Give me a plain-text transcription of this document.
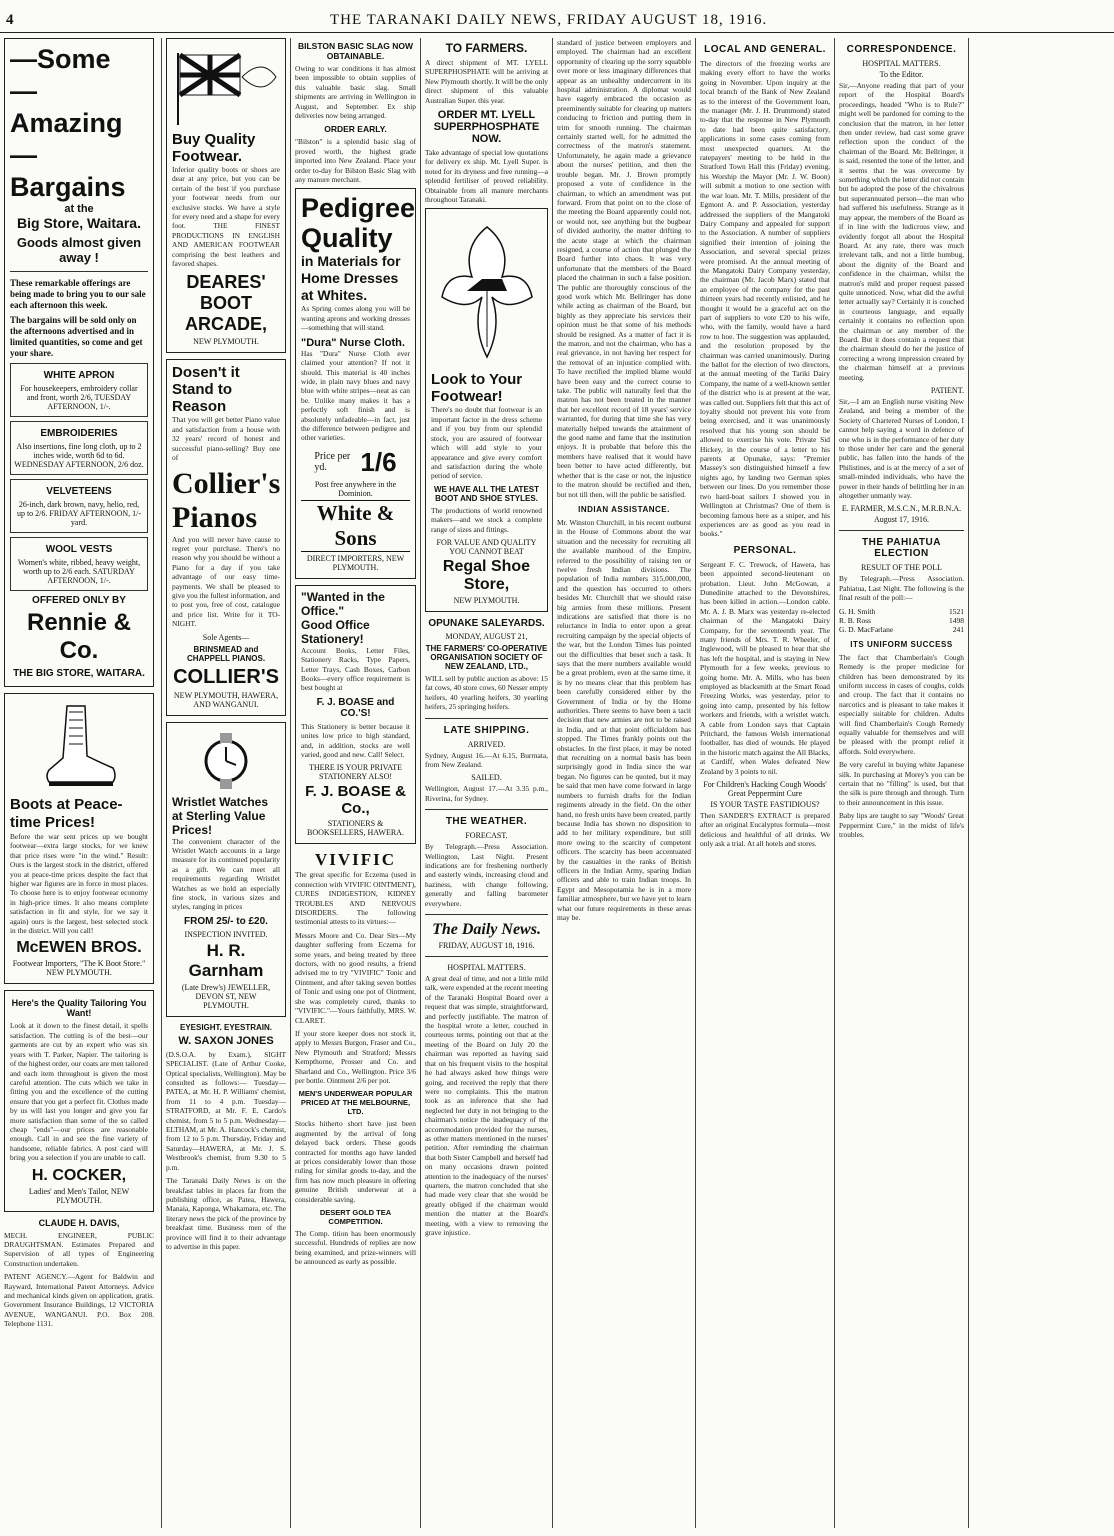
4	THE TARANAKI DAILY NEWS, FRIDAY AUGUST 18, 1916.
—Some
—Amazing
—Bargains
at the
Big Store, Waitara.
Goods almost given away !
These remarkable offerings are being made to bring you to our sale each afternoon this week.
The bargains will be sold only on the afternoons advertised and in limited quantities, so come and get your share.
WHITE APRON
For housekeepers, embroidery collar and front, worth 2/6, TUESDAY AFTERNOON, 1/-.
EMBROIDERIES
Also insertions, fine long cloth, up to 2 inches wide, worth 6d to 6d. WEDNESDAY AFTERNOON, 2/6 doz.
VELVETEENS
26-inch, dark brown, navy, helio, red, up to 2/6. FRIDAY AFTERNOON, 1/- yard.
WOOL VESTS
Women's white, ribbed, heavy weight, worth up to 2/6 each. SATURDAY AFTERNOON, 1/-.
OFFERED ONLY BY
Rennie & Co.
THE BIG STORE, WAITARA.
Boots at Peace-time Prices!
Before the war sent prices up we bought footwear—extra large stocks, for we knew that price rises were "in the wind." Result: Ours is the largest stock in the district, offered you at peace-time prices despite the fact that higher war figures are in force in most places. To choose here is to enjoy footwear economy in high-price times. It also means complete satisfaction in fit and style, for we say it again) ours is the largest, best selected stock in the district. Will you call!
McEWEN BROS.
Footwear Importers, "The K Boot Store." NEW PLYMOUTH.
Here's the Quality Tailoring You Want!
Look at it down to the finest detail, it spells satisfaction. The cutting is of the best—our garments are cut by an expert who was six years with T. Parker, Napier. The tailoring is of the highest order, our coats are men tailored and each item throughout is given the most careful attention. The cuts which we take in fitting you and the excellence of the cutting ensure that you get a perfect fit. Clothes made by us will last you longer and give you far more satisfaction than some of the so called cheap "ends"—our prices are reasonable enough. Call in and see the fine variety of handsome, reliable fabrics. A post card will bring you a selection if you are unable to call.
H. COCKER,
Ladies' and Men's Tailor, NEW PLYMOUTH.
CLAUDE H. DAVIS,
MECH. ENGINEER, PUBLIC DRAUGHTSMAN. Estimates Prepared and Supervision of all types of Engineering Construction undertaken.
PATENT AGENCY.—Agent for Baldwin and Rayward, International Patent Attorneys. Advice and mechanical kinds given on application, gratis. Government Insurance Buildings, 12 VICTORIA AVENUE, WANGANUI. P.O. Box 208. Telephone 1131.
Buy Quality Footwear.
Inferior quality boots or shoes are dear at any price, but you can be certain of the best if you purchase your footwear needs from our exclusive stocks. We have a style for every need and a shape for every foot. THE FINEST PRODUCTIONS IN ENGLISH AND AMERICAN FOOTWEAR comprising the best leathers and favored shapes.
DEARES' BOOT ARCADE,
NEW PLYMOUTH.
Dosen't it Stand to Reason
That you will get better Piano value and satisfaction from a house with 32 years' record of honest and successful piano-selling? Buy one of
Collier's Pianos
And you will never have cause to regret your purchase. There's no reason why you should be without a Piano for a day if you take advantage of our easy time-payments. We shall be pleased to give you the fullest information, and to post you, free of cost, catalogue and price list. Write for it TO-NIGHT.
Sole Agents—
BRINSMEAD and CHAPPELL PIANOS.
COLLIER'S
NEW PLYMOUTH, HAWERA, AND WANGANUI.
Wristlet Watches at Sterling Value Prices!
The convenient character of the Wristlet Watch accounts in a large measure for its continued popularity as a gift. We can meet all requirements regarding Wristlet Watches as we hold an especially fine stock, in various sizes and styles, ranging in prices
FROM 25/- to £20.
INSPECTION INVITED.
H. R. Garnham
(Late Drew's) JEWELLER, DEVON ST, NEW PLYMOUTH.
EYESIGHT. EYESTRAIN.
W. SAXON JONES
(D.S.O.A. by Exam.), SIGHT SPECIALIST. (Late of Arthur Cooke, Optical specialists, Wellington). May be consulted as follows:— Tuesday—PATEA, at Mr. H. P. Williams' chemist, from 11 to 4 p.m. Tuesday—STRATFORD, at Mr. F. E. Cardo's chemist, from 5 to 5 p.m. Wednesday—ELTHAM, at Mr. A. Hancock's chemist, from 12 to 5 p.m. Thursday, Friday and Saturday—HAWERA, at Mr. J. S. Westbrook's chemist, from 9.30 to 5 p.m.
The Taranaki Daily News is on the breakfast tables in places far from the publishing office, as Patea, Hawera, Manaia, Kaponga, Whakamara, etc. The literary news the pick of the province by breakfast time. Business men of the province will find it to their advantage to advertise in this paper.
BILSTON BASIC SLAG NOW OBTAINABLE.
Owing to war conditions it has almost been impossible to obtain supplies of this valuable basic slag. Small shipments are arriving in Wellington in August, and September. Ex ship deliveries now being arranged.
ORDER EARLY.
"Bilston" is a splendid basic slag of proved worth, the highest grade imported into New Zealand. Place your order to-day for Bilston Basic Slag with any manure merchant.
Pedigree
Quality
in Materials for Home Dresses at Whites.
As Spring comes along you will be wanting aprons and working dresses—something that will stand.
"Dura" Nurse Cloth.
Has "Dura" Nurse Cloth ever claimed your attention? If not it should. This material is 40 inches wide, in plain navy blues and navy blue with white stripes—neat as can be. Unlike many makes it has a perfectly soft finish and is absolutely unfadeable—in fact, just the difference between pedigree and other varieties.
Price per yd.	1/6
Post free anywhere in the Dominion.
White & Sons
DIRECT IMPORTERS, NEW PLYMOUTH.
"Wanted in the Office."
Good Office Stationery!
Account Books, Letter Files, Stationery Racks, Type Papers, Letter Trays, Cash Boxes, Carbon Books—every office requirement is best bought at
F. J. BOASE and CO.'S!
This Stationery is better because it unites low price to high standard, and, in addition, stocks are well varied, good and new. Call! Select.
THERE IS YOUR PRIVATE STATIONERY ALSO!
F. J. BOASE & Co.,
STATIONERS & BOOKSELLERS, HAWERA.
VIVIFIC
The great specific for Eczema (used in connection with VIVIFIC OINTMENT), CURES INDIGESTION, KIDNEY TROUBLES AND NERVOUS DISORDERS. The following testimonial attests to its virtues:—
Messrs Moore and Co. Dear Sirs—My daughter suffering from Eczema for some years, and being treated by three doctors, with no good results, a friend advised me to try "VIVIFIC" Tonic and Ointment, and after taking seven bottles of Tonic and using one pot of Ointment, she was completely cured, thanks to "VIVIFIC."—Yours faithfully, MRS. W. CLARET.
If your store keeper does not stock it, apply to Messrs Burgon, Fraser and Co., New Plymouth and Stratford; Messrs Kempthorne, Prosser and Co. and Sharland and Co., Wellington. Price 3/6 per bottle. Ointment 2/6 per pot.
MEN'S UNDERWEAR POPULAR PRICED AT THE MELBOURNE, LTD.
Stocks hitherto short have just been augmented by the arrival of long delayed back orders. These goods contracted for months ago have landed at prices considerably lower than those ruling for similar goods to-day, and the firm has now much pleasure in offering genuine British underwear at a considerable saving.
DESERT GOLD TEA COMPETITION.
The Comp. tition has been enormously successful. Hundreds of replies are now being examined, and prize-winners will be announced as early as possible.
TO FARMERS.
A direct shipment of MT. LYELL SUPERPHOSPHATE will be arriving at New Plymouth shortly. It will be the only direct shipment of this valuable Australian Super. this year.
ORDER MT. LYELL SUPERPHOSPHATE NOW.
Take advantage of special low quotations for delivery ex ship. Mt. Lyell Super. is noted for its dryness and free running—a splendid fertiliser of proved reliability. Obtainable from all manure merchants throughout Taranaki.
Look to Your Footwear!
There's no doubt that footwear is an important factor in the dress scheme and if you buy from our splendid stock, you are assured of footwear which will add style to your appearance and give every comfort and satisfaction during the whole period of service.
WE HAVE ALL THE LATEST BOOT AND SHOE STYLES.
The productions of world renowned makers—and we stock a complete range of sizes and fittings.
FOR VALUE AND QUALITY YOU CANNOT BEAT
Regal Shoe Store,
NEW PLYMOUTH.
OPUNAKE SALEYARDS.
MONDAY, AUGUST 21,
THE FARMERS' CO-OPERATIVE ORGANISATION SOCIETY OF NEW ZEALAND, LTD.,
WILL sell by public auction as above: 15 fat cows, 40 store cows, 60 Nesser empty heifers, 40 yearling heifers, 30 yearling heifers, 25 springing heifers.
LATE SHIPPING.
ARRIVED.
Sydney, August 16.—At 6.15, Burrnata, from New Zealand.
SAILED.
Wellington, August 17.—At 3.35 p.m., Riverina, for Sydney.
THE WEATHER.
FORECAST.
By Telegraph.—Press Association. Wellington, Last Night. Present indications are for freshening northerly and easterly winds, increasing cloud and haziness, with change following, generally and falling barometer everywhere.
The Daily News.
FRIDAY, AUGUST 18, 1916.
HOSPITAL MATTERS.
A great deal of time, and not a little mild talk, were expended at the recent meeting of the Taranaki Hospital Board over a request that was simple, straightforward, and perfectly justifiable. The matron of the hospital wrote a letter, couched in courteous terms, pointing out that at the meeting of the Board on July 20 the chairman was reported as having said that on his frequent visits to the hospital he had always asked how things were going, and received the reply that there were no complaints. This the matron took as an inference that she had neglected her duty in not bringing to the chairman's notice the inadequacy of the accommodation provided for the nurses, as other matters mentioned in the nurses' petition. After reminding the chairman that both Sister Campbell and herself had on many occasions drawn pointed attention to the inadequacy of the nurses' quarters, the matron concluded that she had made very clear that she would be greatly obliged if the chairman would mention the matter at the Board's meeting, with a view to removing the grave injustice.
standard of justice between employers and employed. The chairman had an excellent opportunity of clearing up the sorry squabble over more or less imaginary differences that appear as an unhealthy undercurrent in its hospital administration. A diplomat would have eagerly embraced the occasion as preeminently suitable for clearing up matters conducing to friction and putting them in trim for smooth running. The chairman certainly started well, for he admitted the correctness of the matron's statement. Unfortunately, he again made a grievance about the nurses' petition, and then the trouble began. Mr. J. Brown promptly proposed a vote of confidence in the chairman, to which an amendment was put forward. From that point on to the close of the meeting the Board apparently could not, or would not, see anything but the bugbear of divided authority, the matter drifting to the acute stage at which the chairman resigned, a course of action that plunged the Board further into chaos. It was very unfortunate that the members of the Board placed the chairman in such a false position. The public are thoroughly conscious of the good work which Mr. Bellringer has done while acting as chairman of the Board, but highly as they appreciate his services their opinion must be that some of his methods should be resigned. As a matter of fact it is the matron, and not the chairman, who has a real grievance, in not having her respect for the removal of an injustice complied with. To have rectified the implied blame would have been easy and the correct course to take. The public will naturally feel that the matron has not been treated in the manner that her excellent record of 18 years' service warranted, for during that time she has very materially helped towards the attainment of the good name and fame that the institution enjoys. It is probable that before this the members have realised that it would have been better to have acted differently, but whether that is the case or not, the injustice to the matron should be rectified and then, but not till then, will the public be satisfied.
INDIAN ASSISTANCE.
Mr. Winston Churchill, in his recent outburst in the House of Commons about the war situation and the necessity for recruiting all the available manhood of the Empire, referred to the possibility of raising ten or twelve fresh Indian divisions. The population of India numbers 315,000,000, and the question has occurred to others besides Mr. Churchill that we should raise big armies from these millions. Present indications are satisfied that there is no reluctance in India to enter upon a great recruiting campaign by the special objects of the war, but the London Times has pointed out the difficulties that beset such a task. It says that the mere numbers available would be a great problem, even at the same time, it is by no means clear that this problem has been carefully considered either by the Government of India or by the Home authorities. There seems to have been a tacit decision that new armies are not to be raised in India, and at that point officialdom has stopped. The Times frankly points out the obstacles. In the first place, it may be noted that recruiting on a normal basis has been surprisingly good in India since the war began. No figures can be quoted, but it may be said that men have come forward in large numbers to furnish drafts for the Indian regiments already in the field. On the other hand, no fresh units have been created, partly because India has shown no disposition to add to her military expenditure, but still more owing to the scarcity of competent officers. The scarcity has been accentuated by the casualties in the ranks of British officers in the Indian Army, sparing Indian officers and able to train Indian troops. In Egypt and Mesopotamia he is in a more familiar atmosphere, but we have yet to learn what our future requirements in these areas may be.
LOCAL AND GENERAL.
The directors of the freezing works are making every effort to have the works going in November. Upon inquiry at the local branch of the Bank of New Zealand as to the interest of the Government loan, the manager (Mr. J. H. Drummond) stated to-day that the response in New Plymouth to date had been quite satisfactory, applications in some cases coming from most unexpected quarters. At the ratepayers' meeting to be held in the Stratford Town Hall this (Friday) evening, his Worship the Mayor (Mr. J. W. Boon) will submit a motion to one section with the war loan. Mr. T. Mills, president of the Egmont A. and P. Association, yesterday addressed the suppliers of the Mangatoki Dairy Company and appealed for support to the Association. A number of suppliers signified their intention of joining the Association, and several special prizes were promised. At the annual meeting of the Mangatoki Dairy Company yesterday, the chairman (Mr. Jacob Marx) stated that an employee of the company for the past thirteen years had recently enlisted, and he thought it would be a graceful act on the part of suppliers to vote £20 to his wife, who, with the family, would have a hard row to hoe. The suggestion was applauded, and the resolution proposed by the chairman was carried unanimously. During the ballot for the election of two directors, at the annual meeting of the Tariki Dairy Company, the name of a well-known settler of the district who is at present at the war, was called out. Suppliers felt that this act of loyalty should not prevent his vote from being exercised, and it was unanimously resolved that his young son should be allowed to exercise his vote. Private Sid Hickey, in the course of a letter to his parents at Opunake, says: "Premier Massey's son distinguished himself a few nights ago, by landing two German spies between our lines. Do you remember those two hard-boat sailors I showed you in Wellington at Christmas? One of them is becoming famous here as a sniper, and his experiences are as good as you read in books."
PERSONAL.
Sergeant F. C. Trewock, of Hawera, has been appointed second-lieutenant on probation. Lieut. John McGowan, a Dunedinite attached to the Devonshires, has been killed in action.—London cable. Mr. A. J. B. Marx was yesterday re-elected chairman of the Mangatoki Dairy Company, for the seventeenth year. The many friends of Mrs. T. R. Wheeler, of Inglewood, will be pleased to hear that she has left the hospital, and is staying in New Plymouth for a few weeks, previous to going home. Mr. A. Mills, who has been employed as blacksmith at the Smart Road Freezing Works, was yesterday, prior to going into camp, presented by his fellow workers and friends, with a wristlet watch. A cable from London says that Captain Pritchard, the famous Welsh international footballer, has died of wounds. He played in the historic match against the All Blacks, at Cardiff, when Wales defeated New Zealand by 3 points to nil.
For Children's Hacking Cough Woods' Great Peppermint Cure
IS YOUR TASTE FASTIDIOUS?
Then SANDER'S EXTRACT is prepared after an original Eucalyptus formula—most delicious and healthful of all drinks. We only ask a trial. At all hotels and stores.
CORRESPONDENCE.
HOSPITAL MATTERS.
To the Editor.
Sir,—Anyone reading that part of your report of the Hospital Board's proceedings, headed "Who is to Rule?" might well be pardoned for coming to the conclusion that the matron, in her letter then under review, had cast some grave reflection upon the conduct of the chairman of the Board. Mr. Bellringer, it is said, resented the tone of the letter, and it seems that he was overcome by something which the letter did not contain but he adopted the pose of the chivalrous but superannuated person—the man who had suffered his usefulness. Strange as it may appear, the members of the Board as if in line with the ludicrous view, and evidently forgot all about the Hospital Board. At any rate, there was much irrelevant talk, and not a little humbug, about the dignity of the Board and confidence in the chairman, whilst the matron's mild and proper request passed quite unnoticed. Now, what did the awful letter actually say? Certainly it is couched in courteous language, and equally certainly it contains no reflection upon the chairman or any member of the Board. But it does contain a request that the chairman should do her the justice of correcting a wrong impression created by the chairman himself at a previous meeting.
PATIENT.
Sir,—I am an English nurse visiting New Zealand, and being a member of the Society of Chartered Nurses of London, I cannot help saying a word in defence of one who is in the performance of her duty to those under her care and the general public, has fallen into the hands of the Philistines, and is at the mercy of a set of small-minded individuals, who have the power in their hands of belittling her in an altogether unmanly way.
E. FARMER, M.S.C.N., M.R.B.N.A.
August 17, 1916.
THE PAHIATUA ELECTION
RESULT OF THE POLL
By Telegraph.—Press Association. Pahiatua, Last Night. The following is the final result of the poll:—
G. H. Smith	1521
R. B. Ross	1498
G. D. MacFarlane	241
ITS UNIFORM SUCCESS
The fact that Chamberlain's Cough Remedy is the proper medicine for children has been demonstrated by its uniform success in cases of coughs, colds and croup. The fact that it contains no narcotics and is pleasant to take makes it especially suitable for children. Adults will find Chamberlain's Cough Remedy equally valuable for themselves and will be pleased with the prompt relief it affords. Sold everywhere.
Be very careful in buying white Japanese silk. In purchasing at Morey's you can be certain that no "filling" is used, but that the silk is pure through and through. Turn to their announcement in this issue.
Baby lips are taught to say "Woods' Great Peppermint Cure," in the midst of life's troubles.
